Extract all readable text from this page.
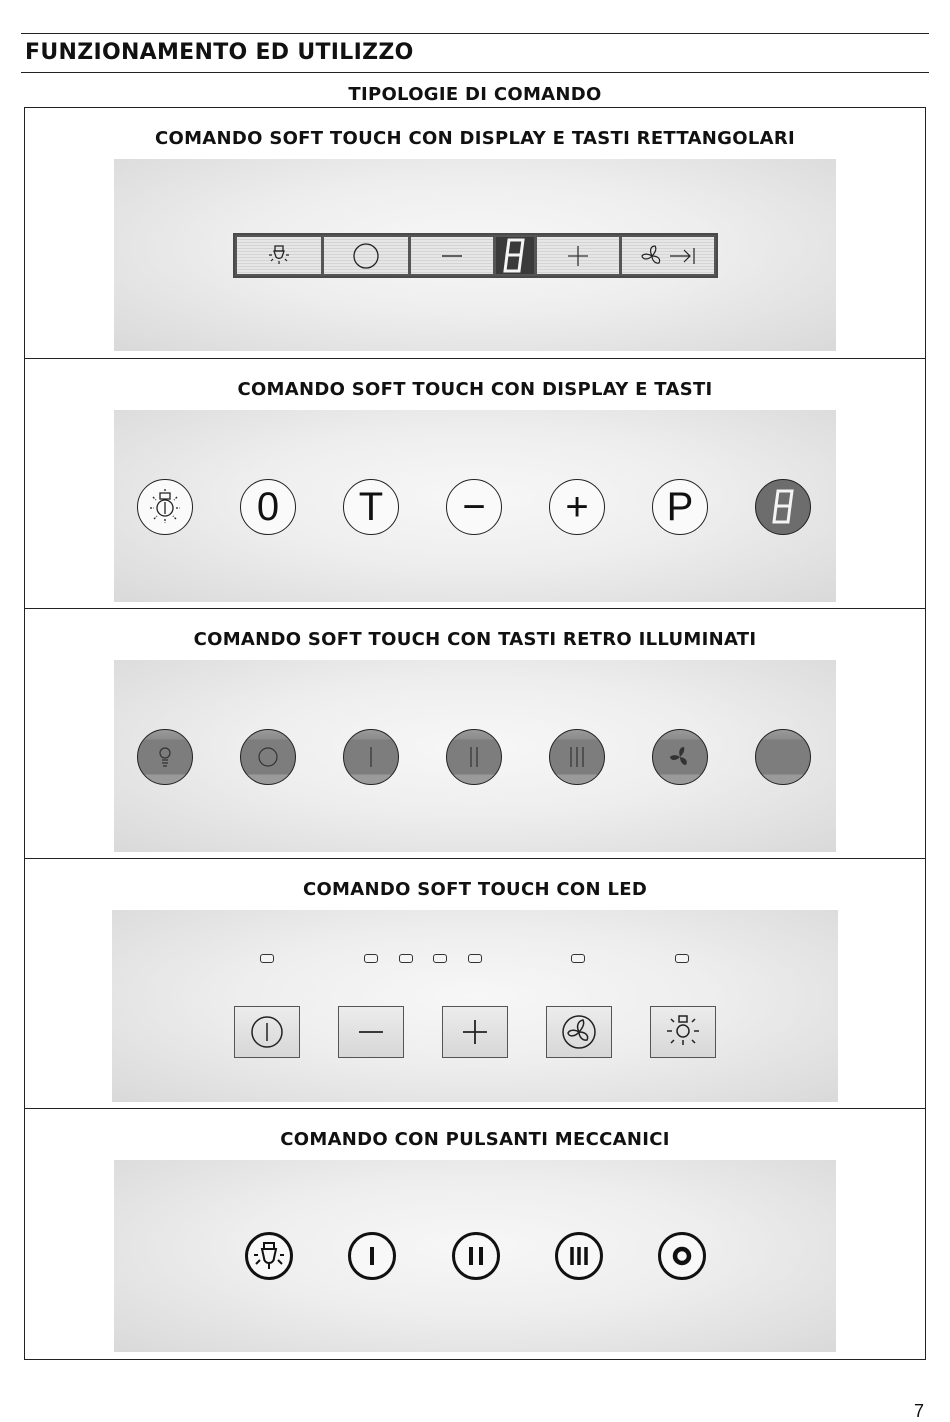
FUNZIONAMENTO ED UTILIZZO
TIPOLOGIE DI COMANDO
COMANDO SOFT TOUCH CON DISPLAY E TASTI RETTANGOLARI
COMANDO SOFT TOUCH CON DISPLAY E TASTI
0 T − + P
COMANDO SOFT TOUCH CON TASTI RETRO ILLUMINATI
COMANDO SOFT TOUCH CON LED
COMANDO CON PULSANTI MECCANICI
7
